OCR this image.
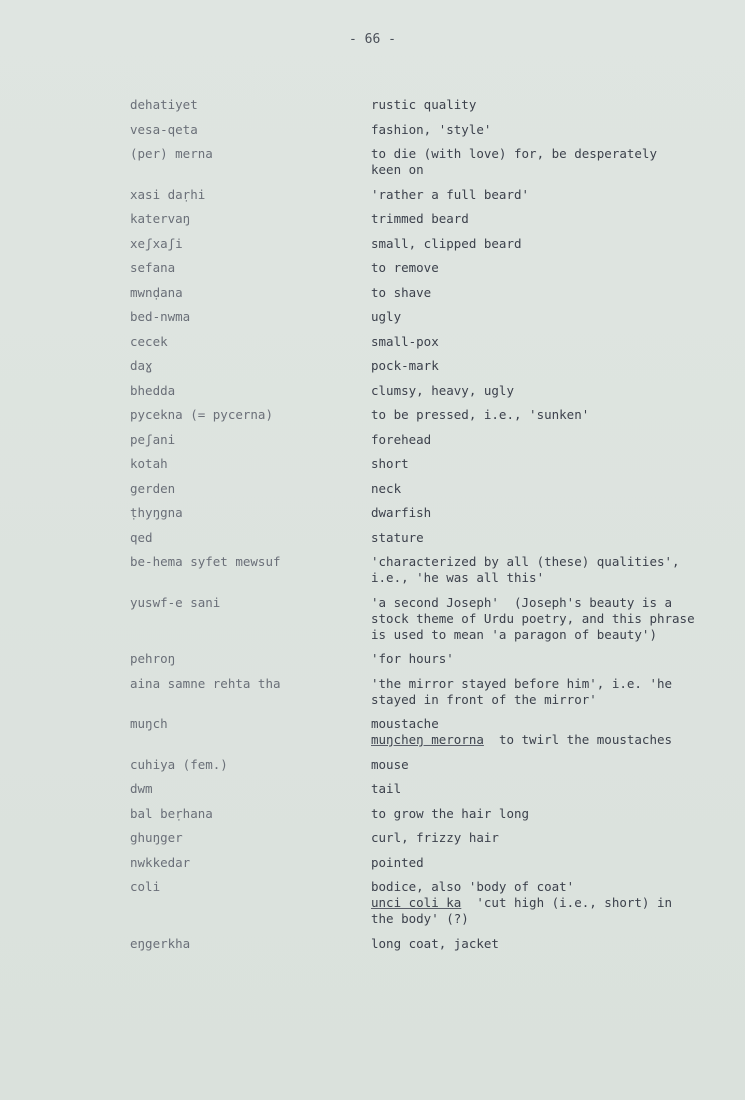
- 66 -
dehatiyet	rustic quality
vesa-qeta	fashion, 'style'
(per) merna	to die (with love) for, be desperately
keen on
xasi daṛhi	'rather a full beard'
katervaŋ	trimmed beard
xeʃxaʃi	small, clipped beard
sefana	to remove
mwnḍana	to shave
bed-nwma	ugly
cecek	small-pox
daɣ	pock-mark
bhedda	clumsy, heavy, ugly
pycekna (= pycerna)	to be pressed, i.e., 'sunken'
peʃani	forehead
kotah	short
gerden	neck
ṭhyŋgna	dwarfish
qed	stature
be-hema syfet mewsuf	'characterized by all (these) qualities',
i.e., 'he was all this'
yuswf-e sani	'a second Joseph'  (Joseph's beauty is a
stock theme of Urdu poetry, and this phrase
is used to mean 'a paragon of beauty')
pehroŋ	'for hours'
aina samne rehta tha	'the mirror stayed before him', i.e. 'he
stayed in front of the mirror'
muŋch	moustache
muŋcheŋ merorna  to twirl the moustaches
cuhiya (fem.)	mouse
dwm	tail
bal beṛhana	to grow the hair long
ghuŋger	curl, frizzy hair
nwkkedar	pointed
coli	bodice, also 'body of coat'
unci coli ka  'cut high (i.e., short) in
the body' (?)
eŋgerkha	long coat, jacket
